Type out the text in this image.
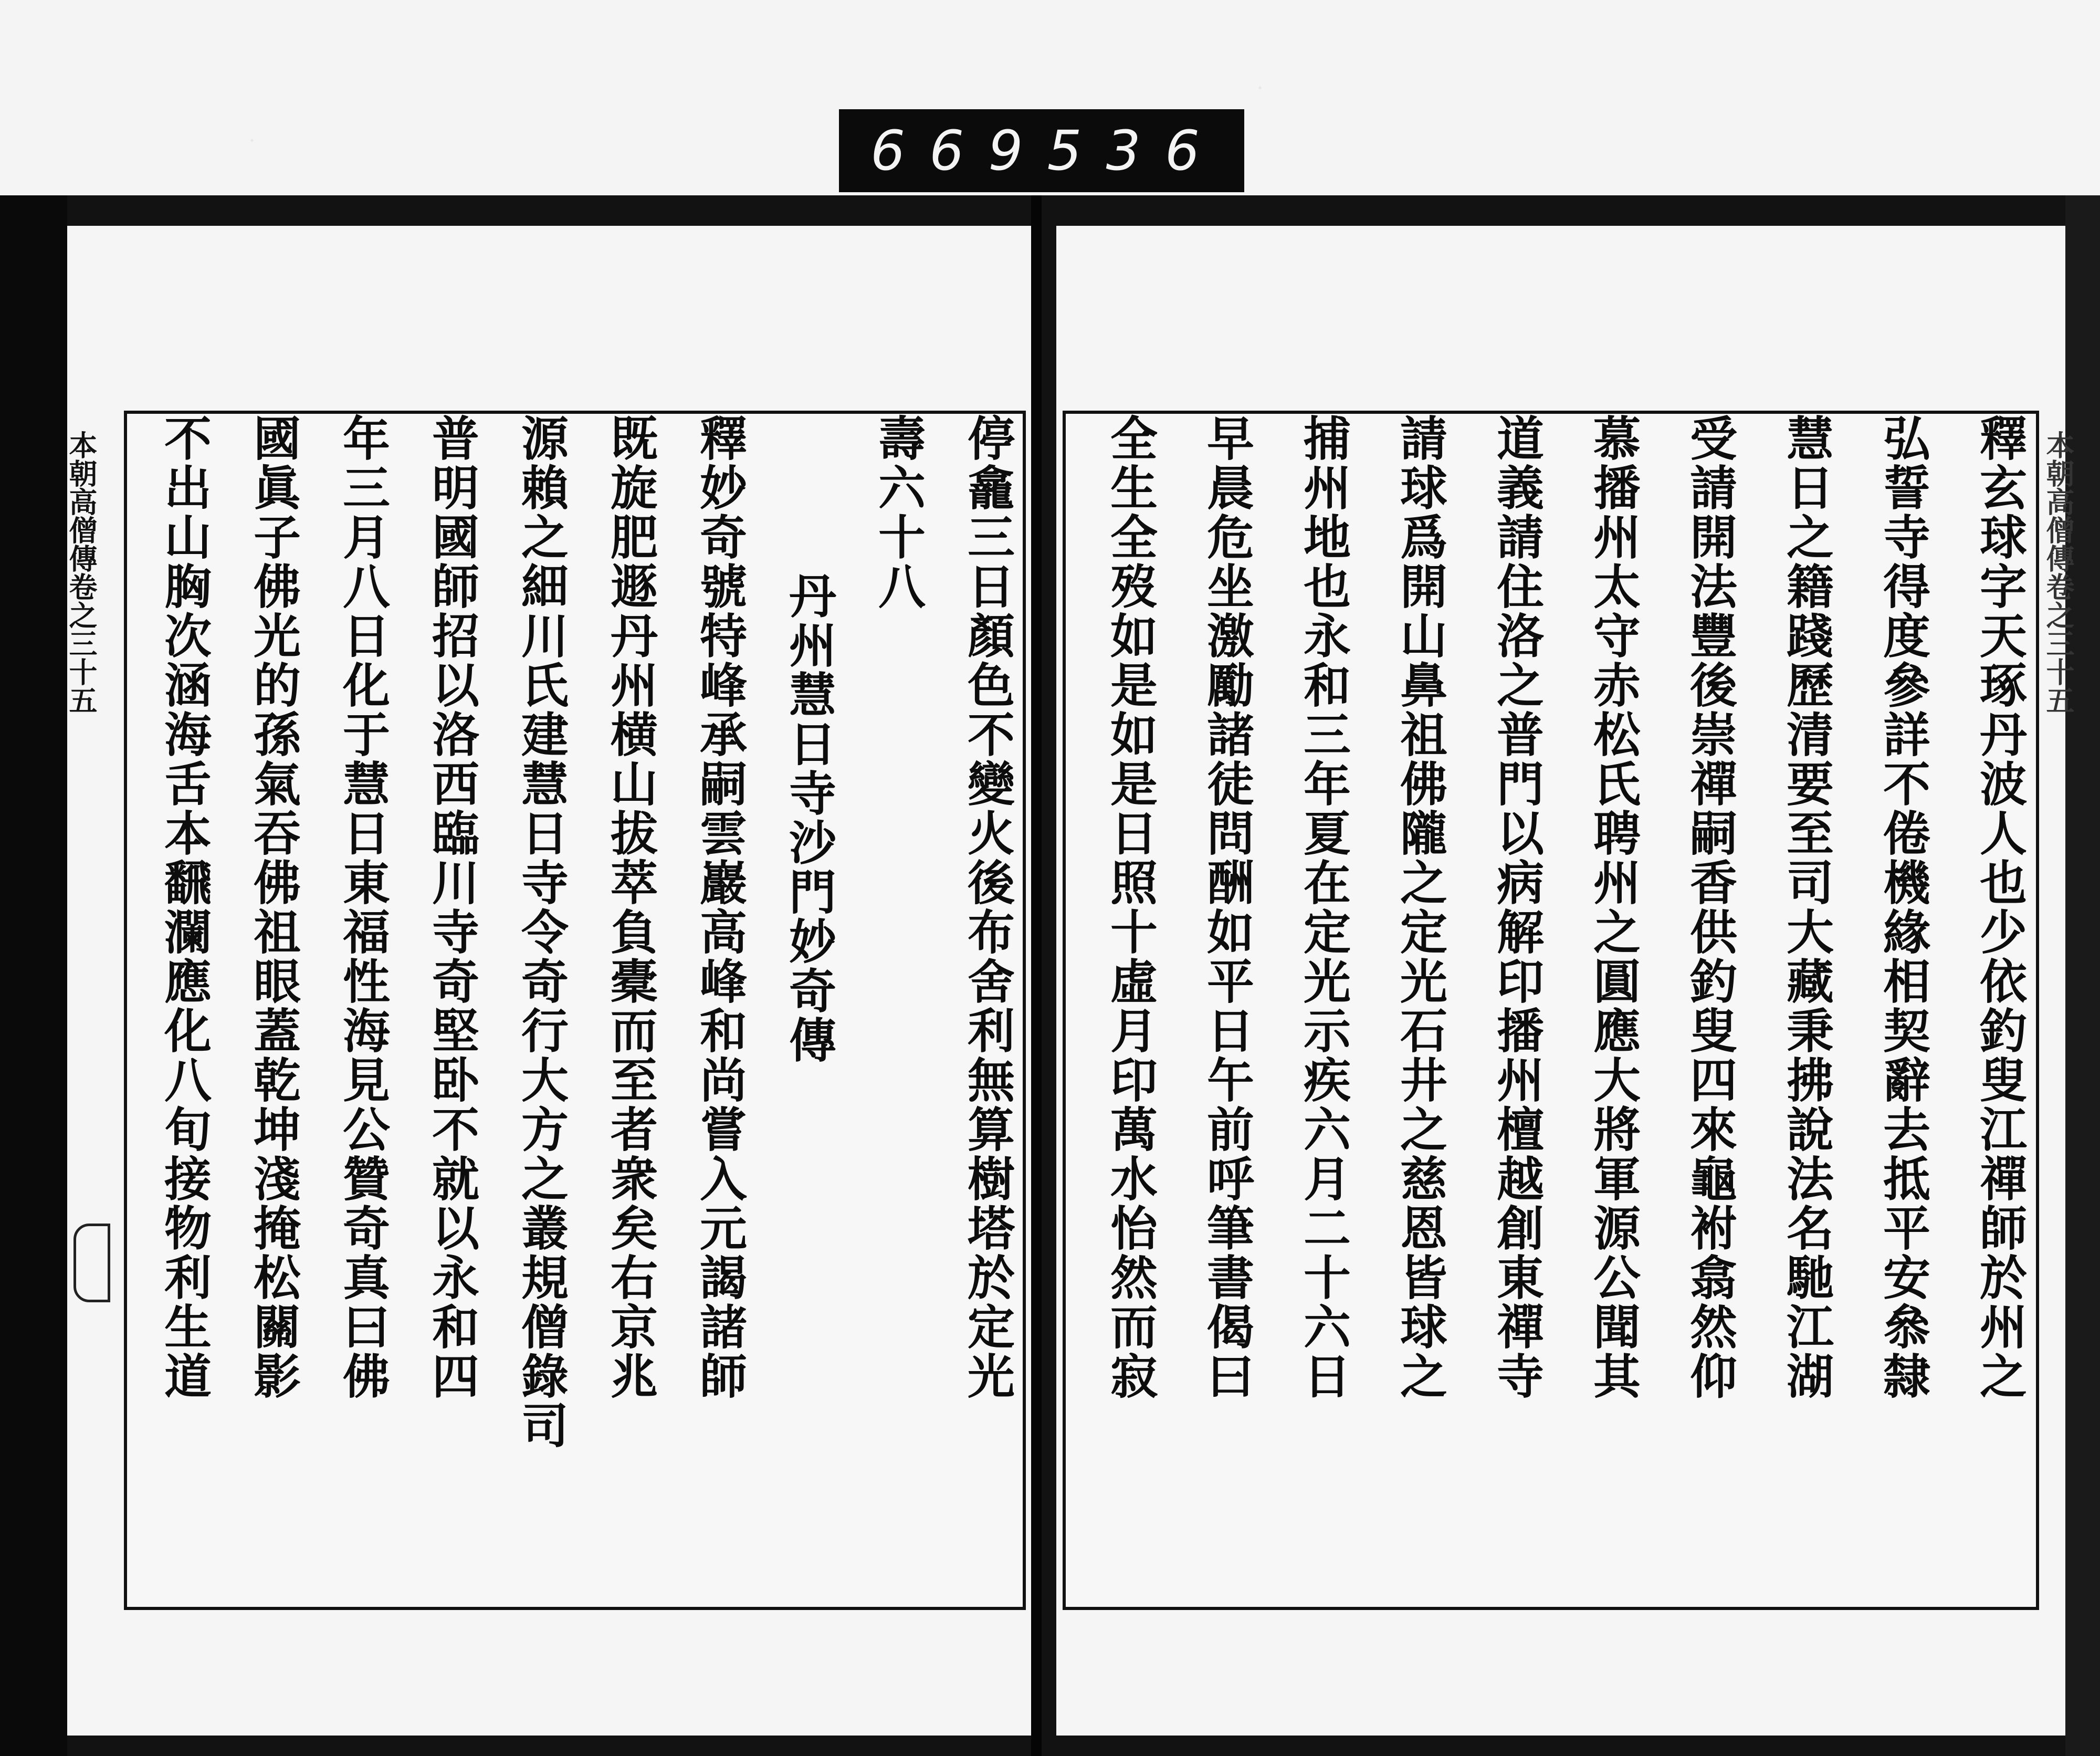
669 536
本朝高僧傳卷之三十五	本朝高僧傳卷之三十五
釋玄球字天琢丹波人也少依釣叟江禪師於州之
弘誓寺得度參詳不倦機緣相契辭去抵平安叅隸
慧日之籍踐歷清要至司大藏秉拂說法名馳江湖
受請開法豐後崇禪嗣香供釣叟四來龜袝翕然仰
慕播州太守赤松氏聘州之圓應大將軍源公聞其
道義請住洛之普門以病解印播州檀越創東禪寺
請球爲開山鼻祖佛隴之定光石井之慈恩皆球之
捕州地也永和三年夏在定光示疾六月二十六日
早晨危坐激勵諸徒問酬如平日午前呼筆書偈曰
全生全歿如是如是日照十虛月印萬水怡然而寂
停龕三日顏色不變火後布舍利無算樹塔於定光
壽六十八
丹州慧日寺沙門妙奇傳
釋妙奇號特峰承嗣雲巖高峰和尚嘗入元謁諸師
既旋肥遯丹州横山拔萃負橐而至者衆矣右京兆
源賴之細川氏建慧日寺令奇行大方之叢規僧錄司
普明國師招以洛西臨川寺奇堅卧不就以永和四
年三月八日化于慧日東福性海見公贊奇真曰佛
國眞子佛光的孫氣吞佛祖眼蓋乾坤淺掩松關影
不出山胸次涵海舌本飜瀾應化八旬接物利生道
